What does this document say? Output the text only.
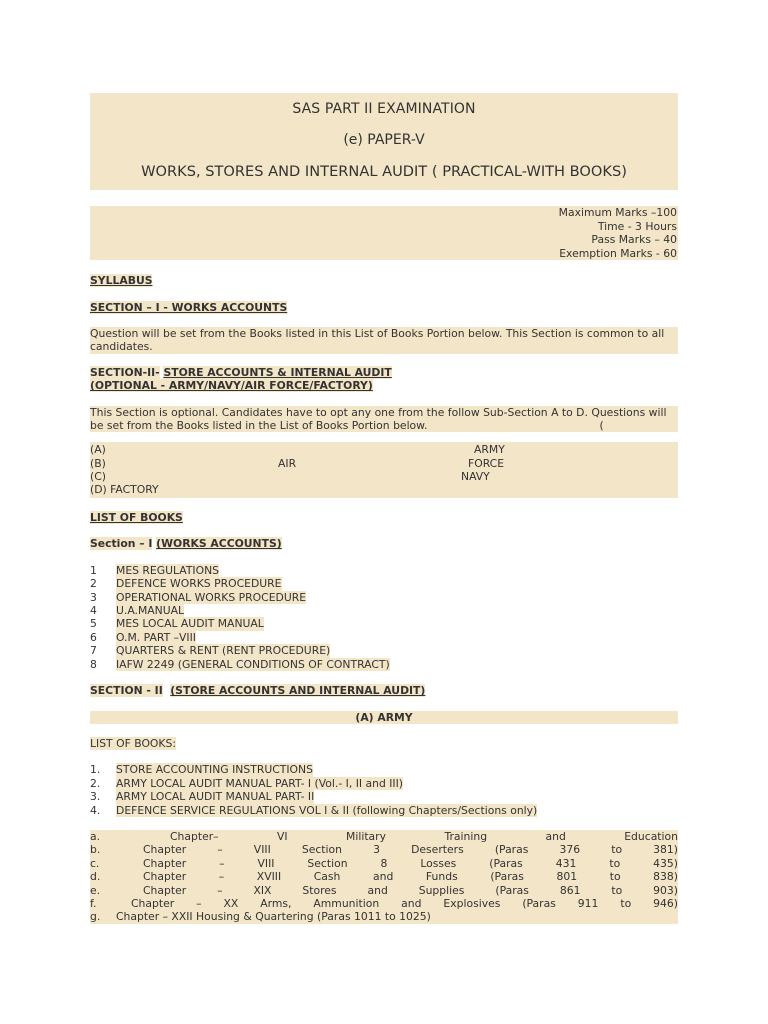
SAS PART II EXAMINATION
(e) PAPER-V
WORKS, STORES AND INTERNAL AUDIT ( PRACTICAL-WITH BOOKS)
Maximum Marks –100
Time - 3 Hours
Pass Marks – 40
Exemption Marks - 60
SYLLABUS
SECTION – I - WORKS ACCOUNTS
Question will be set from the Books listed in this List of Books Portion below. This Section is common to all candidates.
SECTION-II- STORE ACCOUNTS & INTERNAL AUDIT
(OPTIONAL - ARMY/NAVY/AIR FORCE/FACTORY)
This Section is optional. Candidates have to opt any one from the follow Sub-Section A to D. Questions will be set from the Books listed in the List of Books Portion below.	(
(A)	ARMY
(B)	AIR	FORCE
(C)	NAVY
(D) FACTORY
LIST OF BOOKS
Section – I (WORKS ACCOUNTS)
1	MES REGULATIONS
2	DEFENCE WORKS PROCEDURE
3	OPERATIONAL WORKS PROCEDURE
4	U.A.MANUAL
5	MES LOCAL AUDIT MANUAL
6	O.M. PART –VIII
7	QUARTERS & RENT (RENT PROCEDURE)
8	IAFW 2249 (GENERAL CONDITIONS OF CONTRACT)
SECTION - II (STORE ACCOUNTS AND INTERNAL AUDIT)
(A) ARMY
LIST OF BOOKS:
1.	STORE ACCOUNTING INSTRUCTIONS
2.	ARMY LOCAL AUDIT MANUAL PART- I (Vol.- I, II and III)
3.	ARMY LOCAL AUDIT MANUAL PART- II
4.	DEFENCE SERVICE REGULATIONS VOL I & II (following Chapters/Sections only)
a.	Chapter– VI Military Training and Education
b.	Chapter – VIII Section 3 Deserters (Paras 376 to 381)
c.	Chapter – VIII Section 8 Losses (Paras 431 to 435)
d.	Chapter – XVIII Cash and Funds (Paras 801 to 838)
e.	Chapter – XIX Stores and Supplies (Paras 861 to 903)
f.	Chapter – XX Arms, Ammunition and Explosives (Paras 911 to 946)
g.	Chapter – XXII Housing & Quartering (Paras 1011 to 1025)
